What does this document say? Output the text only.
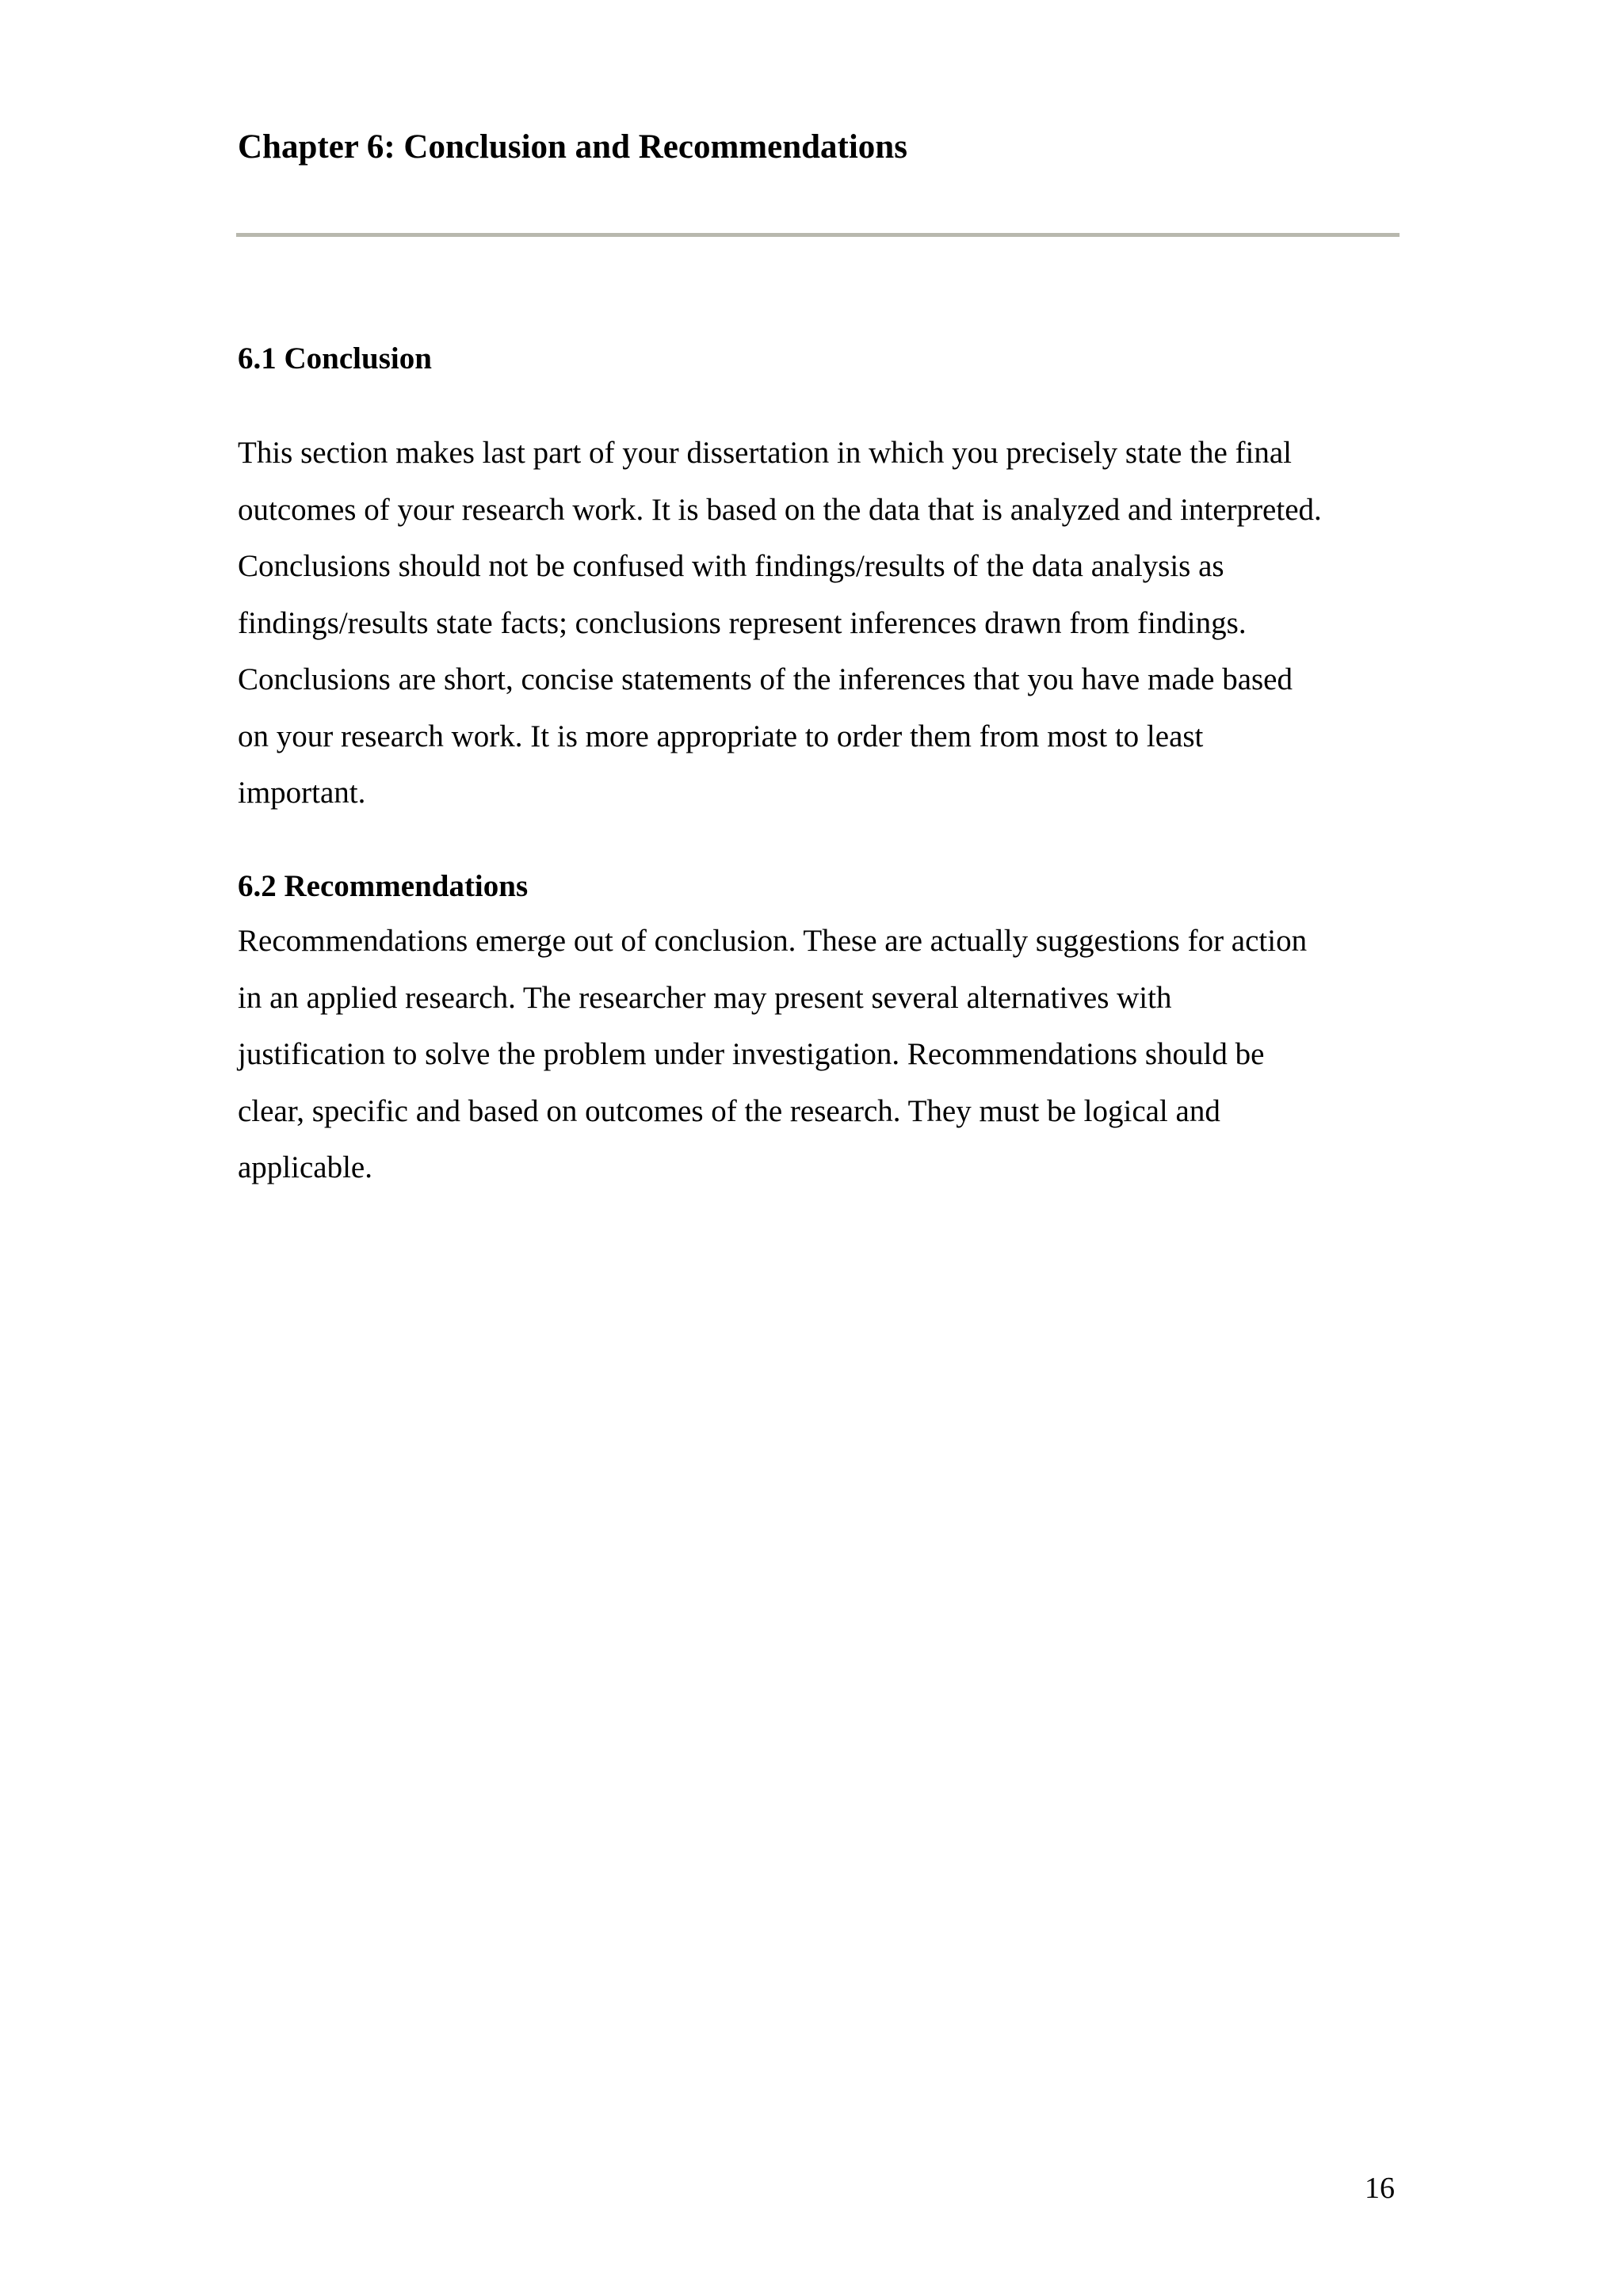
Chapter 6: Conclusion and Recommendations
6.1 Conclusion

This section makes last part of your dissertation in which you precisely state the final
outcomes of your research work. It is based on the data that is analyzed and interpreted.
Conclusions should not be confused with findings/results of the data analysis as
findings/results state facts; conclusions represent inferences drawn from findings.
Conclusions are short, concise statements of the inferences that you have made based
on your research work. It is more appropriate to order them from most to least
important.

6.2 Recommendations

Recommendations emerge out of conclusion. These are actually suggestions for action
in an applied research. The researcher may present several alternatives with
justification to solve the problem under investigation. Recommendations should be
clear, specific and based on outcomes of the research. They must be logical and
applicable.

16
